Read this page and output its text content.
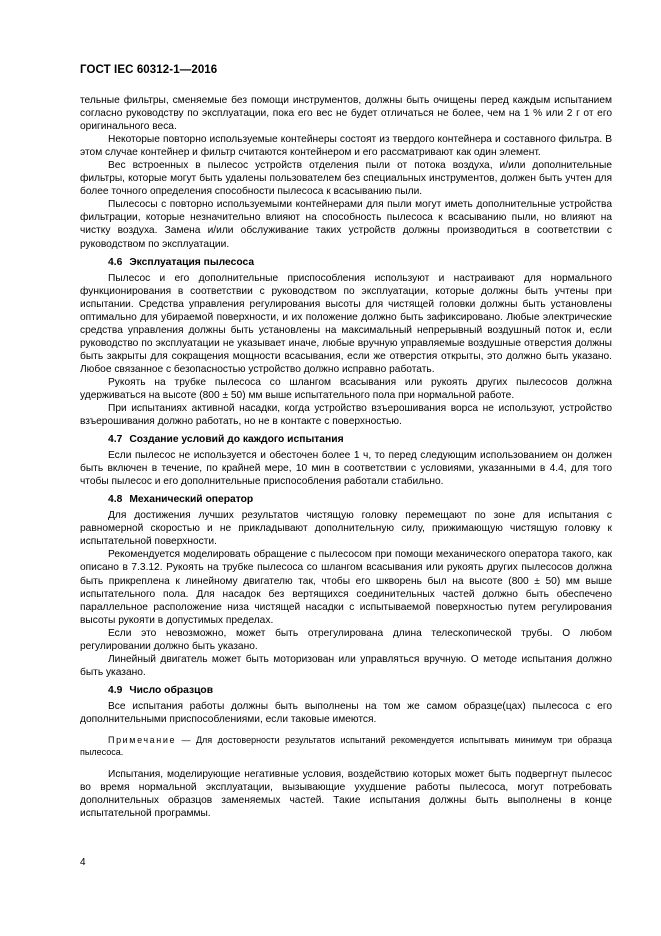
ГОСТ IEC 60312-1—2016

тельные фильтры, сменяемые без помощи инструментов, должны быть очищены перед каждым испытанием согласно руководству по эксплуатации, пока его вес не будет отличаться не более, чем на 1 % или 2 г от его оригинального веса.

Некоторые повторно используемые контейнеры состоят из твердого контейнера и составного фильтра. В этом случае контейнер и фильтр считаются контейнером и его рассматривают как один элемент.

Вес встроенных в пылесос устройств отделения пыли от потока воздуха, и/или дополнительные фильтры, которые могут быть удалены пользователем без специальных инструментов, должен быть учтен для более точного определения способности пылесоса к всасыванию пыли.

Пылесосы с повторно используемыми контейнерами для пыли могут иметь дополнительные устройства фильтрации, которые незначительно влияют на способность пылесоса к всасыванию пыли, но влияют на чистку воздуха. Замена и/или обслуживание таких устройств должны производиться в соответствии с руководством по эксплуатации.

4.6 Эксплуатация пылесоса

Пылесос и его дополнительные приспособления используют и настраивают для нормального функционирования в соответствии с руководством по эксплуатации, которые должны быть учтены при испытании. Средства управления регулирования высоты для чистящей головки должны быть установлены оптимально для убираемой поверхности, и их положение должно быть зафиксировано. Любые электрические средства управления должны быть установлены на максимальный непрерывный воздушный поток и, если руководство по эксплуатации не указывает иначе, любые вручную управляемые воздушные отверстия должны быть закрыты для сокращения мощности всасывания, если же отверстия открыты, это должно быть указано. Любое связанное с безопасностью устройство должно исправно работать.

Рукоять на трубке пылесоса со шлангом всасывания или рукоять других пылесосов должна удерживаться на высоте (800 ± 50) мм выше испытательного пола при нормальной работе.

При испытаниях активной насадки, когда устройство взъерошивания ворса не используют, устройство взъерошивания должно работать, но не в контакте с поверхностью.

4.7 Создание условий до каждого испытания

Если пылесос не используется и обесточен более 1 ч, то перед следующим использованием он должен быть включен в течение, по крайней мере, 10 мин в соответствии с условиями, указанными в 4.4, для того чтобы пылесос и его дополнительные приспособления работали стабильно.

4.8 Механический оператор

Для достижения лучших результатов чистящую головку перемещают по зоне для испытания с равномерной скоростью и не прикладывают дополнительную силу, прижимающую чистящую головку к испытательной поверхности.

Рекомендуется моделировать обращение с пылесосом при помощи механического оператора такого, как описано в 7.3.12. Рукоять на трубке пылесоса со шлангом всасывания или рукоять других пылесосов должна быть прикреплена к линейному двигателю так, чтобы его шкворень был на высоте (800 ± 50) мм выше испытательного пола. Для насадок без вертящихся соединительных частей должно быть обеспечено параллельное расположение низа чистящей насадки с испытываемой поверхностью путем регулирования высоты рукояти в допустимых пределах.

Если это невозможно, может быть отрегулирована длина телескопической трубы. О любом регулировании должно быть указано.

Линейный двигатель может быть моторизован или управляться вручную. О методе испытания должно быть указано.

4.9 Число образцов

Все испытания работы должны быть выполнены на том же самом образце(цах) пылесоса с его дополнительными приспособлениями, если таковые имеются.

Примечание — Для достоверности результатов испытаний рекомендуется испытывать минимум три образца пылесоса.

Испытания, моделирующие негативные условия, воздействию которых может быть подвергнут пылесос во время нормальной эксплуатации, вызывающие ухудшение работы пылесоса, могут потребовать дополнительных образцов заменяемых частей. Такие испытания должны быть выполнены в конце испытательной программы.

4
